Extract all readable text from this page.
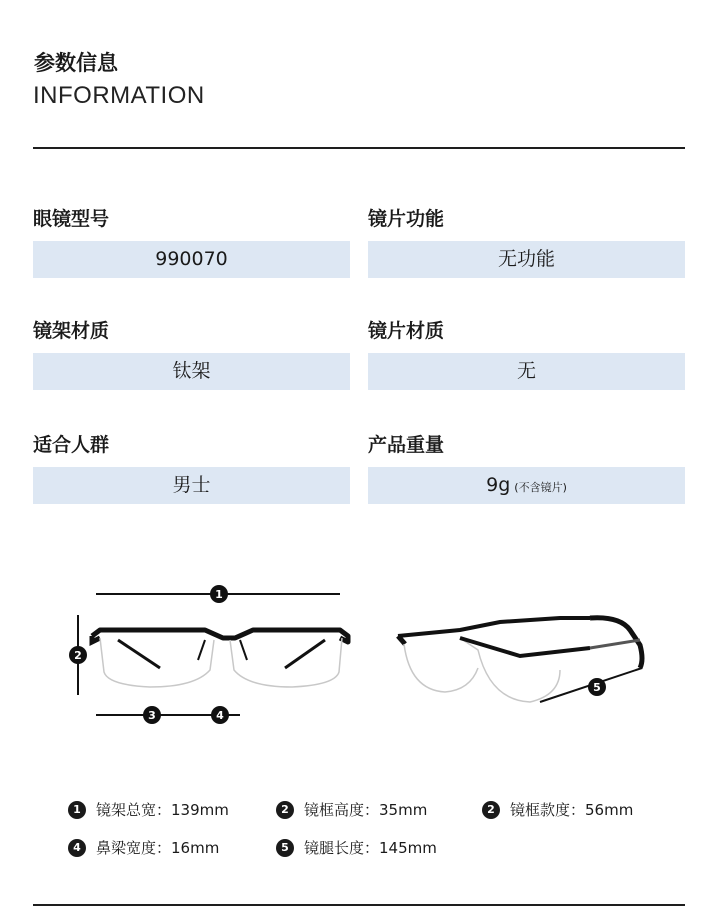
参数信息
INFORMATION
眼镜型号
990070
镜片功能
无功能
镜架材质
钛架
镜片材质
无
适合人群
男士
产品重量
9g (不含镜片)
1
2
3	4
5
1	镜架总宽：139mm	2	镜框高度：35mm	2	镜框款度：56mm
4	鼻梁宽度：16mm	5	镜腿长度：145mm
